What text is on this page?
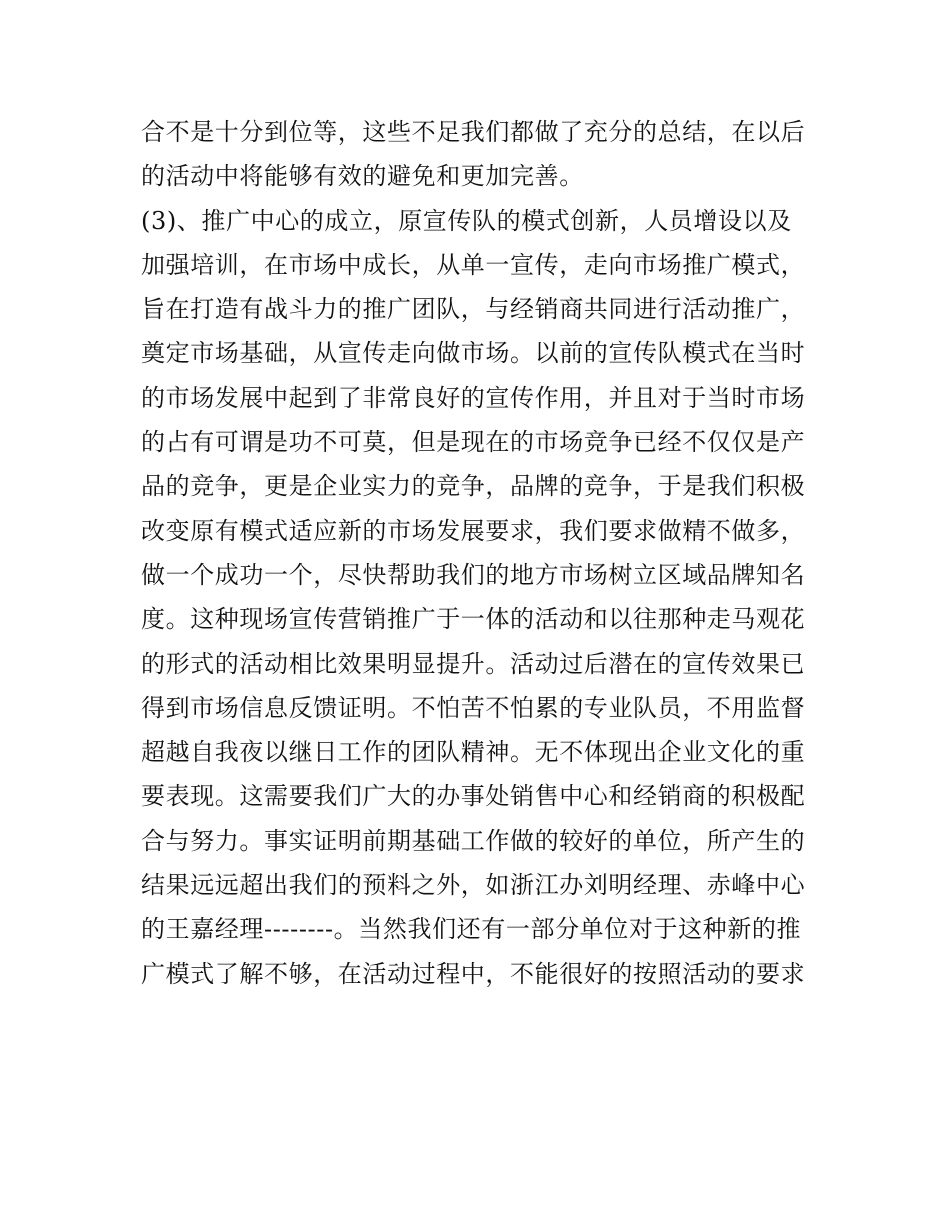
合不是十分到位等，这些不足我们都做了充分的总结，在以后
的活动中将能够有效的避免和更加完善。
(3)、推广中心的成立，原宣传队的模式创新，人员增设以及
加强培训，在市场中成长，从单一宣传，走向市场推广模式，
旨在打造有战斗力的推广团队，与经销商共同进行活动推广，
奠定市场基础，从宣传走向做市场。以前的宣传队模式在当时
的市场发展中起到了非常良好的宣传作用，并且对于当时市场
的占有可谓是功不可莫，但是现在的市场竞争已经不仅仅是产
品的竞争，更是企业实力的竞争，品牌的竞争，于是我们积极
改变原有模式适应新的市场发展要求，我们要求做精不做多，
做一个成功一个，尽快帮助我们的地方市场树立区域品牌知名
度。这种现场宣传营销推广于一体的活动和以往那种走马观花
的形式的活动相比效果明显提升。活动过后潜在的宣传效果已
得到市场信息反馈证明。不怕苦不怕累的专业队员，不用监督
超越自我夜以继日工作的团队精神。无不体现出企业文化的重
要表现。这需要我们广大的办事处销售中心和经销商的积极配
合与努力。事实证明前期基础工作做的较好的单位，所产生的
结果远远超出我们的预料之外，如浙江办刘明经理、赤峰中心
的王嘉经理--------。当然我们还有一部分单位对于这种新的推
广模式了解不够，在活动过程中，不能很好的按照活动的要求
